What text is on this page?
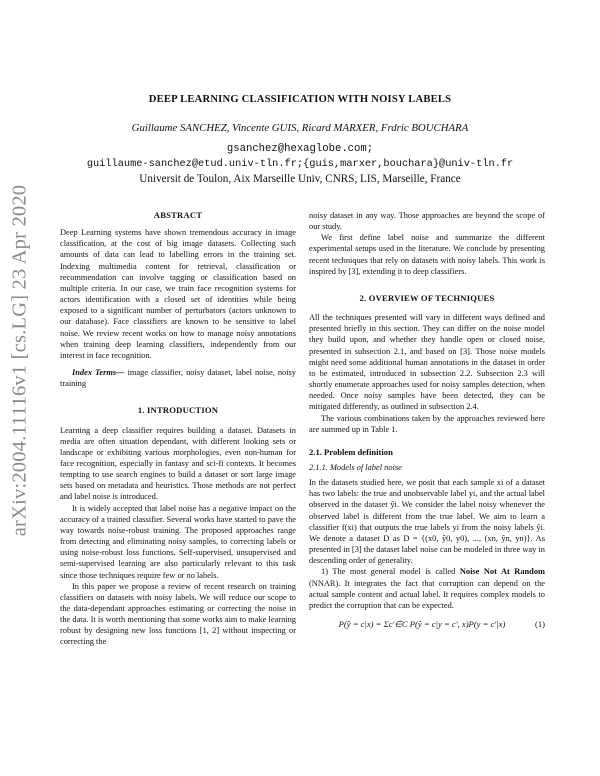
arXiv:2004.11116v1 [cs.LG] 23 Apr 2020
DEEP LEARNING CLASSIFICATION WITH NOISY LABELS
Guillaume SANCHEZ, Vincente GUIS, Ricard MARXER, Frdric BOUCHARA
gsanchez@hexaglobe.com;
guillaume-sanchez@etud.univ-tln.fr;{guis,marxer,bouchara}@univ-tln.fr
Universit de Toulon, Aix Marseille Univ, CNRS, LIS, Marseille, France

ABSTRACT

Deep Learning systems have shown tremendous accuracy in image classification, at the cost of big image datasets. Collecting such amounts of data can lead to labelling errors in the training set. Indexing multimedia content for retrieval, classification or recommendation can involve tagging or classification based on multiple criteria. In our case, we train face recognition systems for actors identification with a closed set of identities while being exposed to a significant number of perturbators (actors unknown to our database). Face classifiers are known to be sensitive to label noise. We review recent works on how to manage noisy annotations when training deep learning classifiers, independently from our interest in face recognition.

Index Terms— image classifier, noisy dataset, label noise, noisy training

1. INTRODUCTION

Learning a deep classifier requires building a dataset. Datasets in media are often situation dependant, with different looking sets or landscape or exhibiting various morphologies, even non-human for face recognition, especially in fantasy and sci-fi contexts. It becomes tempting to use search engines to build a dataset or sort large image sets based on metadata and heuristics. Those methods are not perfect and label noise is introduced.

It is widely accepted that label noise has a negative impact on the accuracy of a trained classifier. Several works have started to pave the way towards noise-robust training. The proposed approaches range from detecting and eliminating noisy samples, to correcting labels or using noise-robust loss functions. Self-supervised, unsupervised and semi-supervised learning are also particularly relevant to this task since those techniques require few or no labels.

In this paper we propose a review of recent research on training classifiers on datasets with noisy labels. We will reduce our scope to the data-dependant approaches estimating or correcting the noise in the data. It is worth mentioning that some works aim to make learning robust by designing new loss functions [1, 2] without inspecting or correcting the

noisy dataset in any way. Those approaches are beyond the scope of our study.

We first define label noise and summarize the different experimental setups used in the literature. We conclude by presenting recent techniques that rely on datasets with noisy labels. This work is inspired by [3], extending it to deep classifiers.

2. OVERVIEW OF TECHNIQUES

All the techniques presented will vary in different ways defined and presented briefly in this section. They can differ on the noise model they build upon, and whether they handle open or closed noise, presented in subsection 2.1, and based on [3]. Those noise models might need some additional human annotations in the dataset in order to be estimated, introduced in subsection 2.2. Subsection 2.3 will shortly enumerate approaches used for noisy samples detection, when needed. Once noisy samples have been detected, they can be mitigated differently, as outlined in subsection 2.4.

The various combinations taken by the approaches reviewed here are summed up in Table 1.

2.1. Problem definition

2.1.1. Models of label noise

In the datasets studied here, we posit that each sample xi of a dataset has two labels: the true and unobservable label yi, and the actual label observed in the dataset ŷi. We consider the label noisy whenever the observed label is different from the true label. We aim to learn a classifier f(xi) that outputs the true labels yi from the noisy labels ŷi. We denote a dataset D as D = {(x0, ŷ0, y0), ..., (xn, ŷn, yn)}. As presented in [3] the dataset label noise can be modeled in three way in descending order of generality.

1) The most general model is called Noise Not At Random (NNAR). It integrates the fact that corruption can depend on the actual sample content and actual label. It requires complex models to predict the corruption that can be expected.

P(ŷ = c|x) = Σc′∈C P(ŷ = c|y = c′, x)P(y = c′|x)	(1)
